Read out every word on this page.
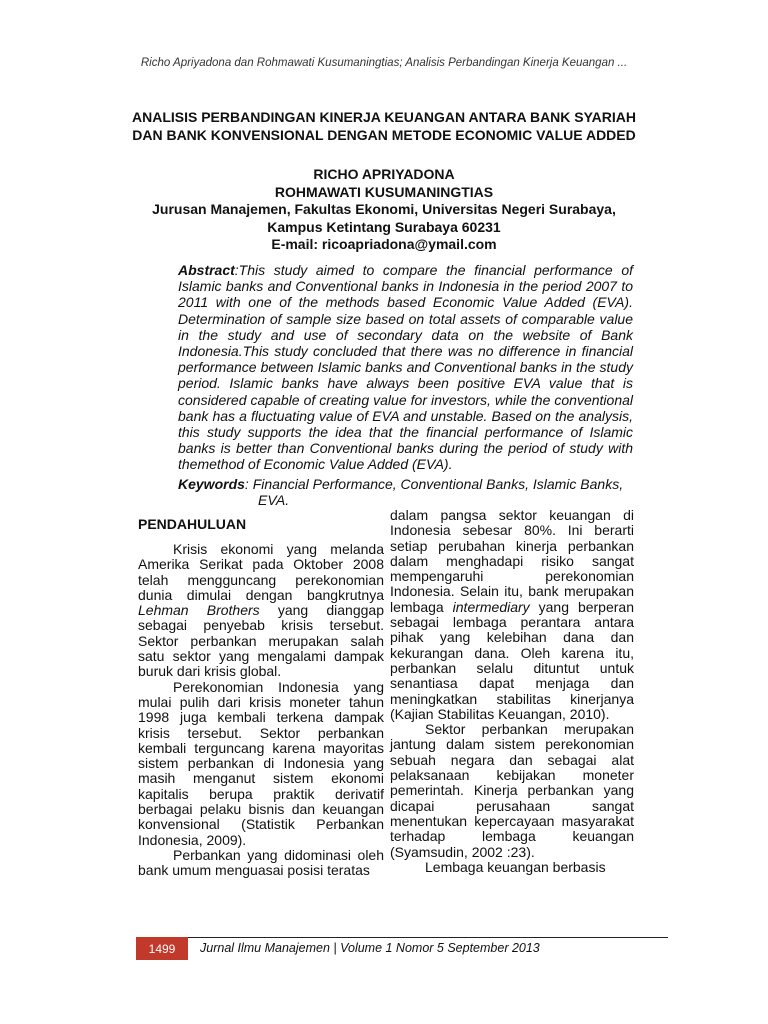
Richo Apriyadona dan Rohmawati Kusumaningtias; Analisis Perbandingan Kinerja Keuangan ...
ANALISIS PERBANDINGAN KINERJA KEUANGAN ANTARA BANK SYARIAH
DAN BANK KONVENSIONAL DENGAN METODE ECONOMIC VALUE ADDED
RICHO APRIYADONA
ROHMAWATI KUSUMANINGTIAS
Jurusan Manajemen, Fakultas Ekonomi, Universitas Negeri Surabaya,
Kampus Ketintang Surabaya 60231
E-mail: ricoapriadona@ymail.com
Abstract:This study aimed to compare the financial performance of Islamic banks and Conventional banks in Indonesia in the period 2007 to 2011 with one of the methods based Economic Value Added (EVA). Determination of sample size based on total assets of comparable value in the study and use of secondary data on the website of Bank Indonesia.This study concluded that there was no difference in financial performance between Islamic banks and Conventional banks in the study period. Islamic banks have always been positive EVA value that is considered capable of creating value for investors, while the conventional bank has a fluctuating value of EVA and unstable. Based on the analysis, this study supports the idea that the financial performance of Islamic banks is better than Conventional banks during the period of study with themethod of Economic Value Added (EVA).
Keywords: Financial Performance, Conventional Banks, Islamic Banks,
EVA.
PENDAHULUAN

Krisis ekonomi yang melanda Amerika Serikat pada Oktober 2008 telah mengguncang perekonomian dunia dimulai dengan bangkrutnya Lehman Brothers yang dianggap sebagai penyebab krisis tersebut. Sektor perbankan merupakan salah satu sektor yang mengalami dampak buruk dari krisis global.

Perekonomian Indonesia yang mulai pulih dari krisis moneter tahun 1998 juga kembali terkena dampak krisis tersebut. Sektor perbankan kembali terguncang karena mayoritas sistem perbankan di Indonesia yang masih menganut sistem ekonomi kapitalis berupa praktik derivatif berbagai pelaku bisnis dan keuangan konvensional (Statistik Perbankan Indonesia, 2009).

Perbankan yang didominasi oleh bank umum menguasai posisi teratas

dalam pangsa sektor keuangan di Indonesia sebesar 80%. Ini berarti setiap perubahan kinerja perbankan dalam menghadapi risiko sangat mempengaruhi perekonomian Indonesia. Selain itu, bank merupakan lembaga intermediary yang berperan sebagai lembaga perantara antara pihak yang kelebihan dana dan kekurangan dana. Oleh karena itu, perbankan selalu dituntut untuk senantiasa dapat menjaga dan meningkatkan stabilitas kinerjanya (Kajian Stabilitas Keuangan, 2010).

Sektor perbankan merupakan jantung dalam sistem perekonomian sebuah negara dan sebagai alat pelaksanaan kebijakan moneter pemerintah. Kinerja perbankan yang dicapai perusahaan sangat menentukan kepercayaan masyarakat terhadap lembaga keuangan (Syamsudin, 2002 :23).

Lembaga keuangan berbasis

1499	Jurnal Ilmu Manajemen | Volume 1 Nomor 5 September 2013
